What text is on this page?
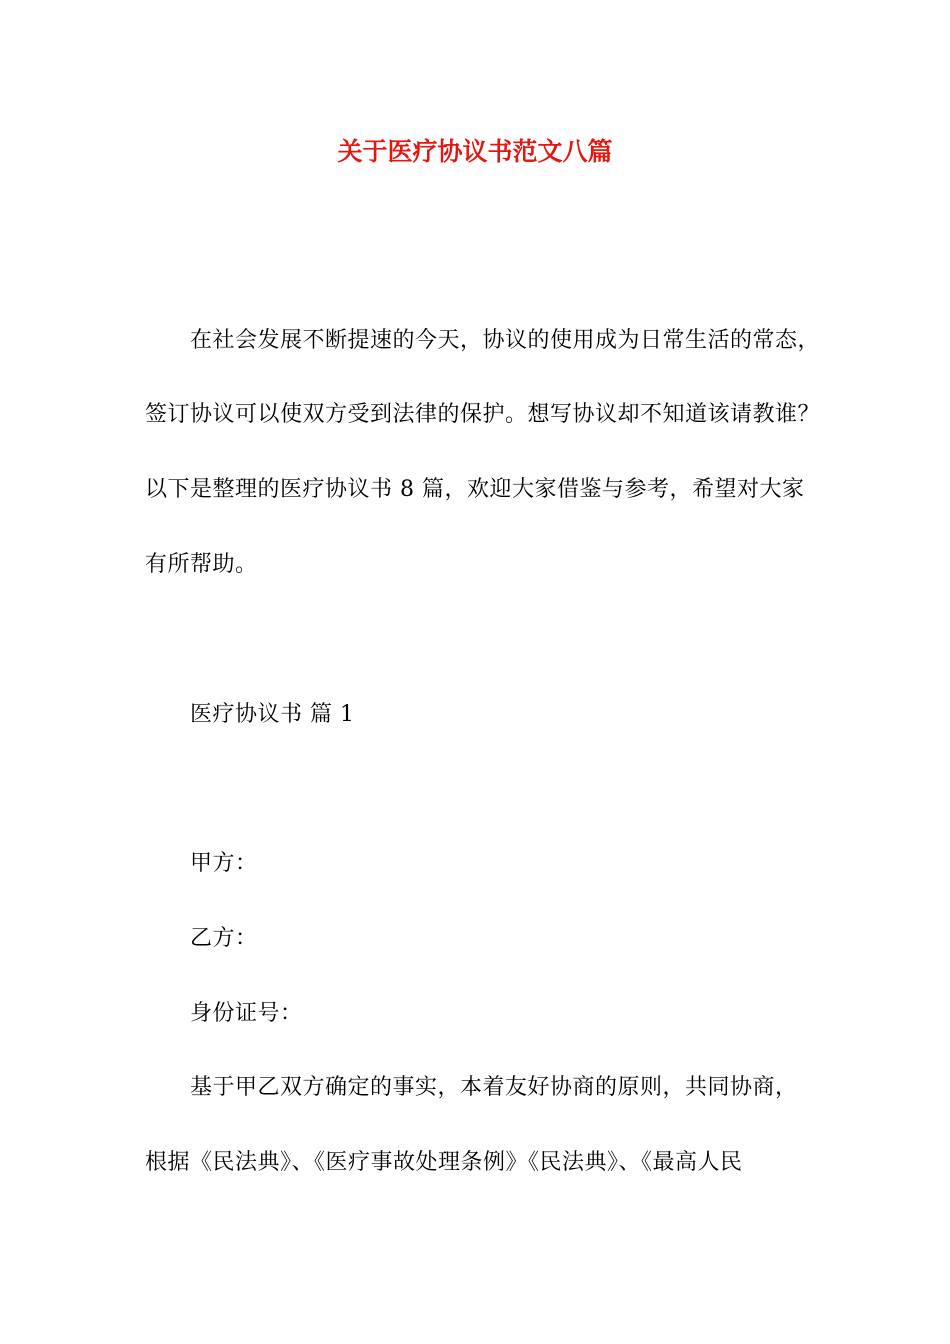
关于医疗协议书范文八篇
在社会发展不断提速的今天，协议的使用成为日常生活的常态，
签订协议可以使双方受到法律的保护。想写协议却不知道该请教谁？
以下是整理的医疗协议书 8 篇，欢迎大家借鉴与参考，希望对大家
有所帮助。
医疗协议书 篇 1
甲方：
乙方：
身份证号：
基于甲乙双方确定的事实，本着友好协商的原则，共同协商，
根据《民法典》、《医疗事故处理条例》《民法典》、《最高人民
